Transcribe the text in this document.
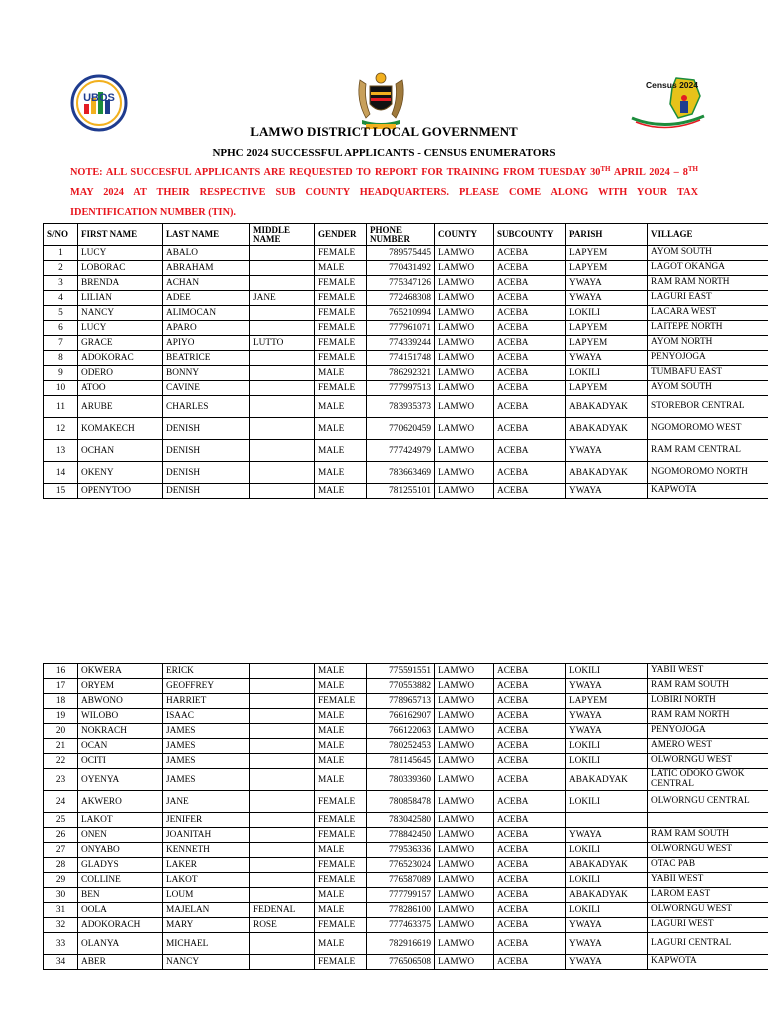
UBOS
Census 2024
LAMWO DISTRICT LOCAL GOVERNMENT
NPHC 2024 SUCCESSFUL APPLICANTS - CENSUS ENUMERATORS
NOTE: ALL SUCCESFUL APPLICANTS ARE REQUESTED TO REPORT FOR TRAINING FROM TUESDAY 30TH APRIL 2024 – 8TH
MAY 2024 AT THEIR RESPECTIVE SUB COUNTY HEADQUARTERS. PLEASE COME ALONG WITH YOUR TAX
IDENTIFICATION NUMBER (TIN).
S/NO	FIRST NAME	LAST NAME	MIDDLE NAME	GENDER	PHONE NUMBER	COUNTY	SUBCOUNTY	PARISH	VILLAGE
1	LUCY	ABALO		FEMALE	789575445	LAMWO	ACEBA	LAPYEM	AYOM SOUTH
2	LOBORAC	ABRAHAM		MALE	770431492	LAMWO	ACEBA	LAPYEM	LAGOT OKANGA
3	BRENDA	ACHAN		FEMALE	775347126	LAMWO	ACEBA	YWAYA	RAM RAM NORTH
4	LILIAN	ADEE	JANE	FEMALE	772468308	LAMWO	ACEBA	YWAYA	LAGURI EAST
5	NANCY	ALIMOCAN		FEMALE	765210994	LAMWO	ACEBA	LOKILI	LACARA WEST
6	LUCY	APARO		FEMALE	777961071	LAMWO	ACEBA	LAPYEM	LAITEPE NORTH
7	GRACE	APIYO	LUTTO	FEMALE	774339244	LAMWO	ACEBA	LAPYEM	AYOM NORTH
8	ADOKORAC	BEATRICE		FEMALE	774151748	LAMWO	ACEBA	YWAYA	PENYOJOGA
9	ODERO	BONNY		MALE	786292321	LAMWO	ACEBA	LOKILI	TUMBAFU EAST
10	ATOO	CAVINE		FEMALE	777997513	LAMWO	ACEBA	LAPYEM	AYOM SOUTH
11	ARUBE	CHARLES		MALE	783935373	LAMWO	ACEBA	ABAKADYAK	STOREBOR CENTRAL
12	KOMAKECH	DENISH		MALE	770620459	LAMWO	ACEBA	ABAKADYAK	NGOMOROMO WEST
13	OCHAN	DENISH		MALE	777424979	LAMWO	ACEBA	YWAYA	RAM RAM CENTRAL
14	OKENY	DENISH		MALE	783663469	LAMWO	ACEBA	ABAKADYAK	NGOMOROMO NORTH
15	OPENYTOO	DENISH		MALE	781255101	LAMWO	ACEBA	YWAYA	KAPWOTA
16	OKWERA	ERICK		MALE	775591551	LAMWO	ACEBA	LOKILI	YABII WEST
17	ORYEM	GEOFFREY		MALE	770553882	LAMWO	ACEBA	YWAYA	RAM RAM SOUTH
18	ABWONO	HARRIET		FEMALE	778965713	LAMWO	ACEBA	LAPYEM	LOBIRI NORTH
19	WILOBO	ISAAC		MALE	766162907	LAMWO	ACEBA	YWAYA	RAM RAM NORTH
20	NOKRACH	JAMES		MALE	766122063	LAMWO	ACEBA	YWAYA	PENYOJOGA
21	OCAN	JAMES		MALE	780252453	LAMWO	ACEBA	LOKILI	AMERO WEST
22	OCITI	JAMES		MALE	781145645	LAMWO	ACEBA	LOKILI	OLWORNGU WEST
23	OYENYA	JAMES		MALE	780339360	LAMWO	ACEBA	ABAKADYAK	LATIC ODOKO GWOK CENTRAL
24	AKWERO	JANE		FEMALE	780858478	LAMWO	ACEBA	LOKILI	OLWORNGU CENTRAL
25	LAKOT	JENIFER		FEMALE	783042580	LAMWO	ACEBA		
26	ONEN	JOANITAH		FEMALE	778842450	LAMWO	ACEBA	YWAYA	RAM RAM SOUTH
27	ONYABO	KENNETH		MALE	779536336	LAMWO	ACEBA	LOKILI	OLWORNGU WEST
28	GLADYS	LAKER		FEMALE	776523024	LAMWO	ACEBA	ABAKADYAK	OTAC PAB
29	COLLINE	LAKOT		FEMALE	776587089	LAMWO	ACEBA	LOKILI	YABII WEST
30	BEN	LOUM		MALE	777799157	LAMWO	ACEBA	ABAKADYAK	LAROM EAST
31	OOLA	MAJELAN	FEDENAL	MALE	778286100	LAMWO	ACEBA	LOKILI	OLWORNGU WEST
32	ADOKORACH	MARY	ROSE	FEMALE	777463375	LAMWO	ACEBA	YWAYA	LAGURI WEST
33	OLANYA	MICHAEL		MALE	782916619	LAMWO	ACEBA	YWAYA	LAGURI CENTRAL
34	ABER	NANCY		FEMALE	776506508	LAMWO	ACEBA	YWAYA	KAPWOTA
